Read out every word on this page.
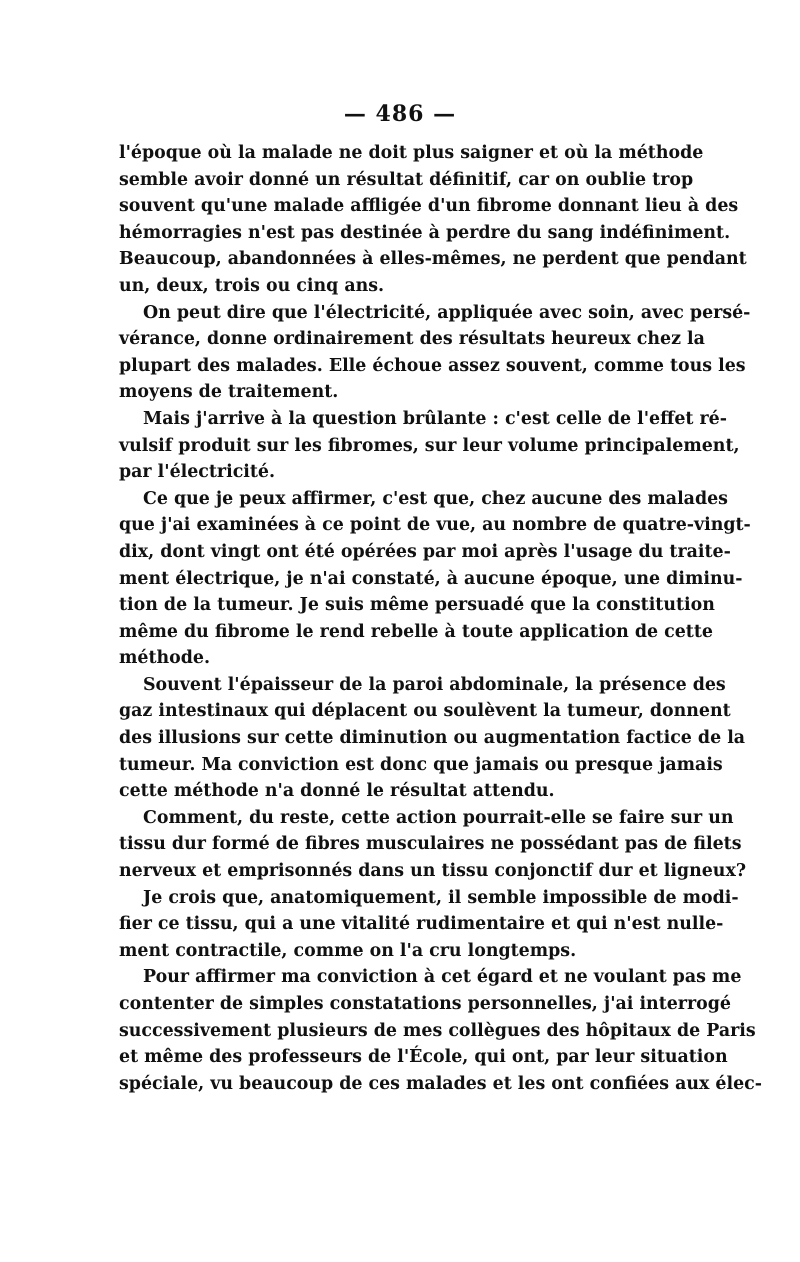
— 486 —

l'époque où la malade ne doit plus saigner et où la méthode
semble avoir donné un résultat définitif, car on oublie trop
souvent qu'une malade affligée d'un fibrome donnant lieu à des
hémorragies n'est pas destinée à perdre du sang indéfiniment.
Beaucoup, abandonnées à elles-mêmes, ne perdent que pendant
un, deux, trois ou cinq ans.

On peut dire que l'électricité, appliquée avec soin, avec persé-
vérance, donne ordinairement des résultats heureux chez la
plupart des malades. Elle échoue assez souvent, comme tous les
moyens de traitement.

Mais j'arrive à la question brûlante : c'est celle de l'effet ré-
vulsif produit sur les fibromes, sur leur volume principalement,
par l'électricité.

Ce que je peux affirmer, c'est que, chez aucune des malades
que j'ai examinées à ce point de vue, au nombre de quatre-vingt-
dix, dont vingt ont été opérées par moi après l'usage du traite-
ment électrique, je n'ai constaté, à aucune époque, une diminu-
tion de la tumeur. Je suis même persuadé que la constitution
même du fibrome le rend rebelle à toute application de cette
méthode.

Souvent l'épaisseur de la paroi abdominale, la présence des
gaz intestinaux qui déplacent ou soulèvent la tumeur, donnent
des illusions sur cette diminution ou augmentation factice de la
tumeur. Ma conviction est donc que jamais ou presque jamais
cette méthode n'a donné le résultat attendu.

Comment, du reste, cette action pourrait-elle se faire sur un
tissu dur formé de fibres musculaires ne possédant pas de filets
nerveux et emprisonnés dans un tissu conjonctif dur et ligneux?

Je crois que, anatomiquement, il semble impossible de modi-
fier ce tissu, qui a une vitalité rudimentaire et qui n'est nulle-
ment contractile, comme on l'a cru longtemps.

Pour affirmer ma conviction à cet égard et ne voulant pas me
contenter de simples constatations personnelles, j'ai interrogé
successivement plusieurs de mes collègues des hôpitaux de Paris
et même des professeurs de l'École, qui ont, par leur situation
spéciale, vu beaucoup de ces malades et les ont confiées aux élec-
